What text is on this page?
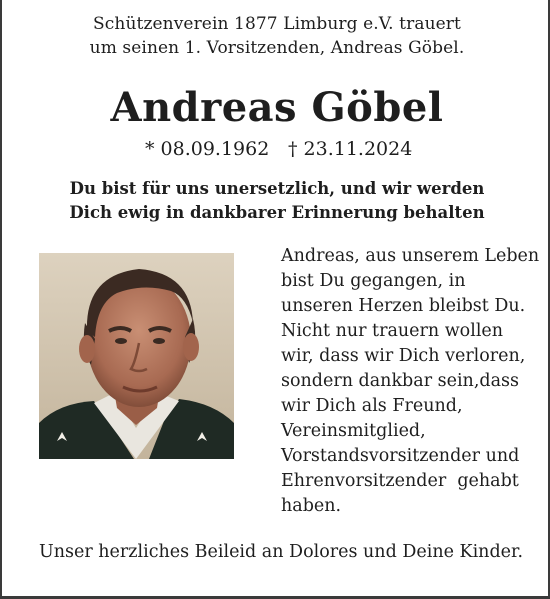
Schützenverein 1877 Limburg e.V. trauert
um seinen 1. Vorsitzenden, Andreas Göbel.
Andreas Göbel
* 08.09.1962 † 23.11.2024
Du bist für uns unersetzlich, und wir werden
Dich ewig in dankbarer Erinnerung behalten
Andreas, aus unserem Leben
bist Du gegangen, in
unseren Herzen bleibst Du.
Nicht nur trauern wollen
wir, dass wir Dich verloren,
sondern dankbar sein,dass
wir Dich als Freund,
Vereinsmitglied,
Vorstandsvorsitzender und
Ehrenvorsitzender  gehabt
haben.
Unser herzliches Beileid an Dolores und Deine Kinder.
